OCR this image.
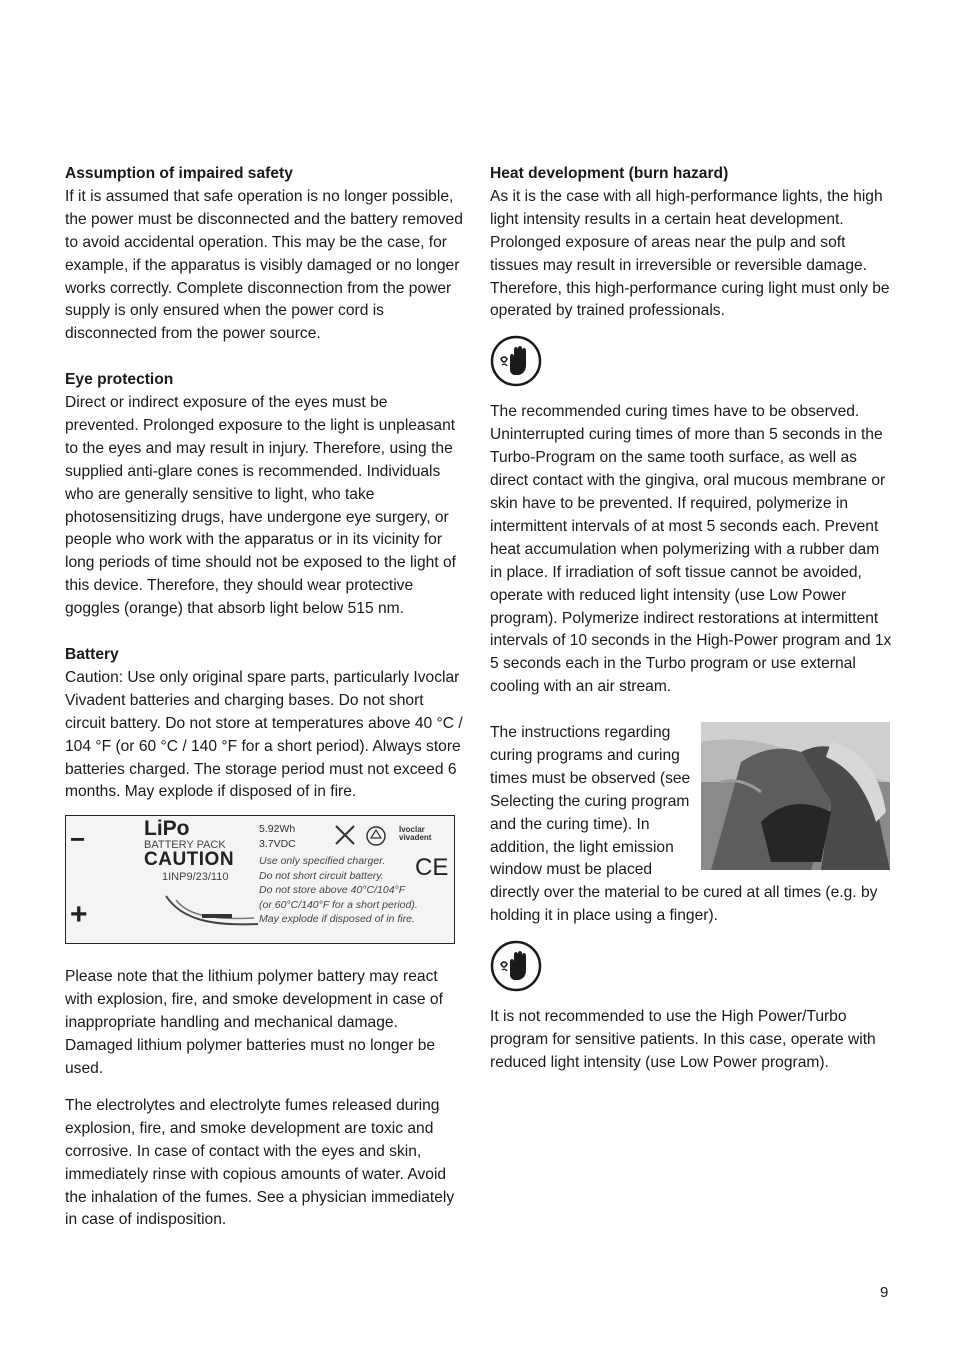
Assumption of impaired safety

If it is assumed that safe operation is no longer possible, the power must be disconnected and the battery removed to avoid accidental operation. This may be the case, for example, if the apparatus is visibly damaged or no longer works correctly. Complete disconnection from the power supply is only ensured when the power cord is disconnected from the power source.

Eye protection

Direct or indirect exposure of the eyes must be prevented. Prolonged exposure to the light is unpleasant to the eyes and may result in injury. Therefore, using the supplied anti-glare cones is recommended. Individuals who are generally sensitive to light, who take photosensitizing drugs, have undergone eye surgery, or people who work with the apparatus or in its vicinity for long periods of time should not be exposed to the light of this device. Therefore, they should wear protective goggles (orange) that absorb light below 515 nm.

Battery

Caution: Use only original spare parts, particularly Ivoclar Vivadent batteries and charging bases. Do not short circuit battery. Do not store at temperatures above 40 °C / 104 °F (or 60 °C / 140 °F for a short period). Always store batteries charged. The storage period must not exceed 6 months. May explode if disposed of in fire.

−
+
LiPo
BATTERY PACK
CAUTION
1INP9/23/110
5.92Wh
3.7VDC
Ivoclar
vivadent
CE
Use only specified charger.
Do not short circuit battery.
Do not store above 40°C/104°F
(or 60°C/140°F for a short period).
May explode if disposed of in fire.

Please note that the lithium polymer battery may react with explosion, fire, and smoke development in case of inappropriate handling and mechanical damage. Damaged lithium polymer batteries must no longer be used.

The electrolytes and electrolyte fumes released during explosion, fire, and smoke development are toxic and corrosive. In case of contact with the eyes and skin, immediately rinse with copious amounts of water. Avoid the inhalation of the fumes. See a physician immediately in case of indisposition.

Heat development (burn hazard)

As it is the case with all high-performance lights, the high light intensity results in a certain heat development. Prolonged exposure of areas near the pulp and soft tissues may result in irreversible or reversible damage. Therefore, this high-performance curing light must only be operated by trained professionals.

The recommended curing times have to be observed. Uninterrupted curing times of more than 5 seconds in the Turbo-Program on the same tooth surface, as well as direct contact with the gingiva, oral mucous membrane or skin have to be prevented. If required, polymerize in intermittent intervals of at most 5 seconds each. Prevent heat accumulation when polymerizing with a rubber dam in place. If irradiation of soft tissue cannot be avoided, operate with reduced light intensity (use Low Power program). Polymerize indirect restorations at intermittent intervals of 10 seconds in the High-Power program and 1x 5 seconds each in the Turbo program or use external cooling with an air stream.

The instructions regarding curing programs and curing times must be observed (see Selecting the curing program and the curing time). In addition, the light emission window must be placed directly over the material to be cured at all times (e.g. by holding it in place using a finger).

It is not recommended to use the High Power/Turbo program for sensitive patients. In this case, operate with reduced light intensity (use Low Power program).

9
